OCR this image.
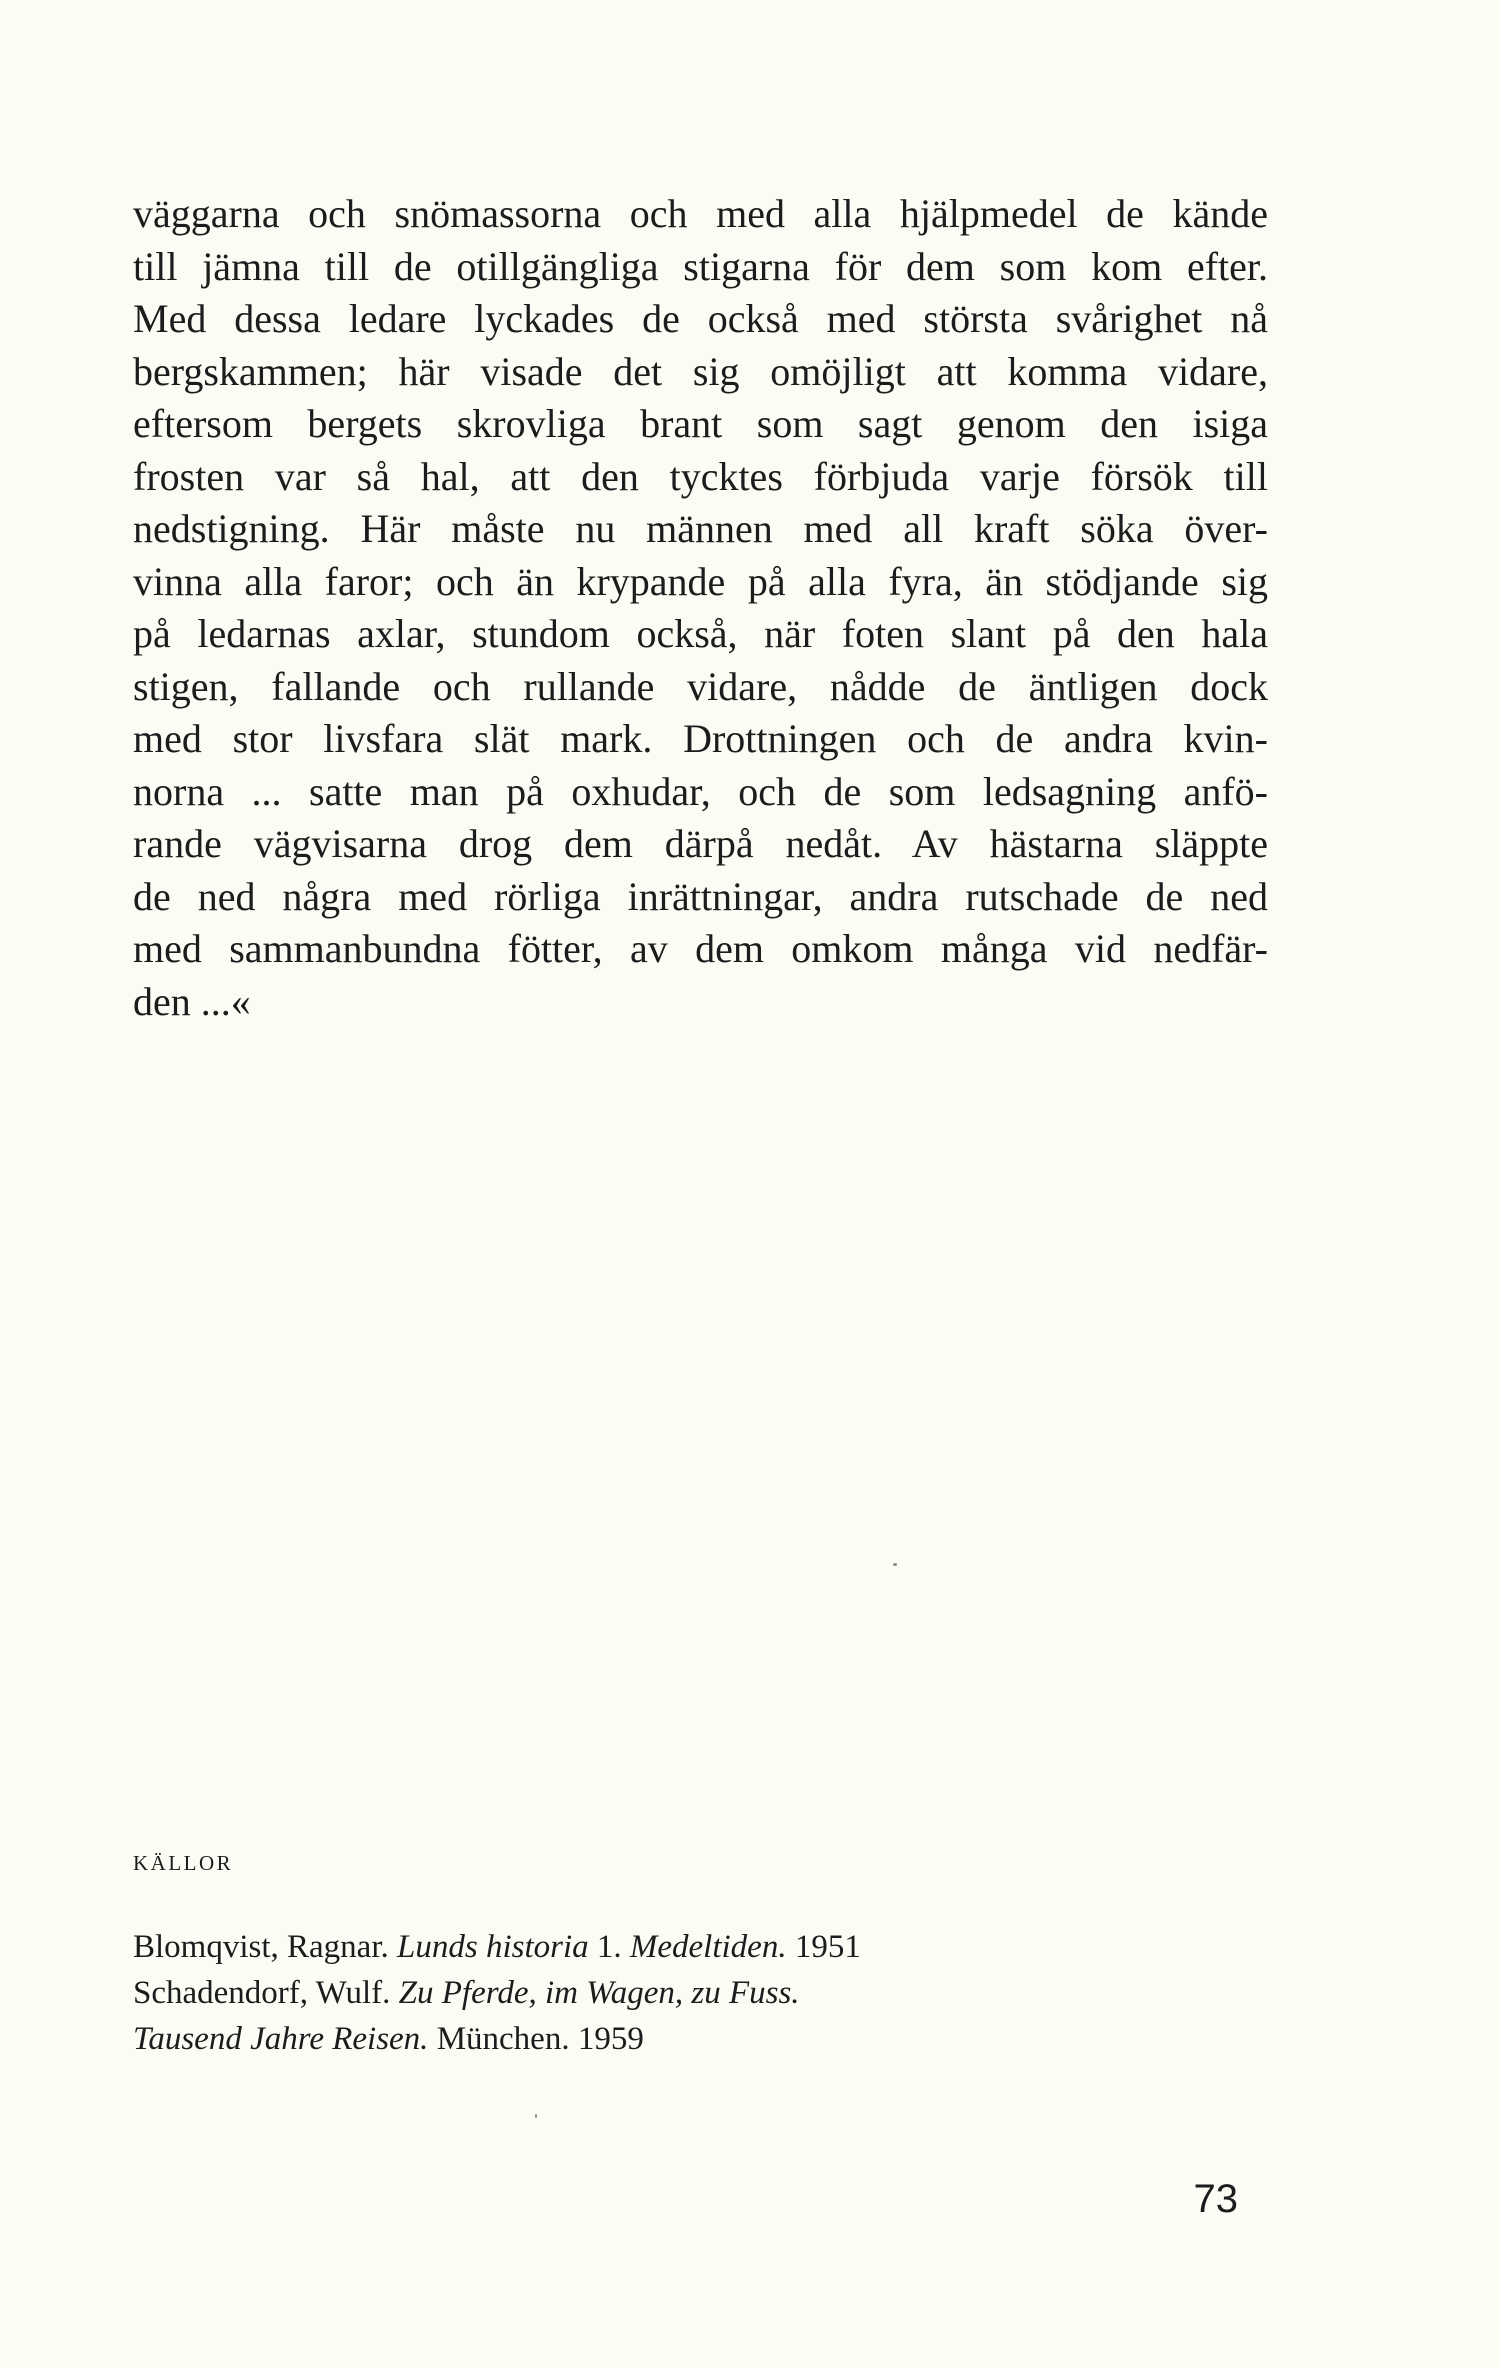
väggarna och snömassorna och med alla hjälpmedel de kände
till jämna till de otillgängliga stigarna för dem som kom efter.
Med dessa ledare lyckades de också med största svårighet nå
bergskammen; här visade det sig omöjligt att komma vidare,
eftersom bergets skrovliga brant som sagt genom den isiga
frosten var så hal, att den tycktes förbjuda varje försök till
nedstigning. Här måste nu männen med all kraft söka över-
vinna alla faror; och än krypande på alla fyra, än stödjande sig
på ledarnas axlar, stundom också, när foten slant på den hala
stigen, fallande och rullande vidare, nådde de äntligen dock
med stor livsfara slät mark. Drottningen och de andra kvin-
norna ... satte man på oxhudar, och de som ledsagning anfö-
rande vägvisarna drog dem därpå nedåt. Av hästarna släppte
de ned några med rörliga inrättningar, andra rutschade de ned
med sammanbundna fötter, av dem omkom många vid nedfär-
den ...«
KÄLLOR
Blomqvist, Ragnar. Lunds historia 1. Medeltiden. 1951
Schadendorf, Wulf. Zu Pferde, im Wagen, zu Fuss.
Tausend Jahre Reisen. München. 1959

73
